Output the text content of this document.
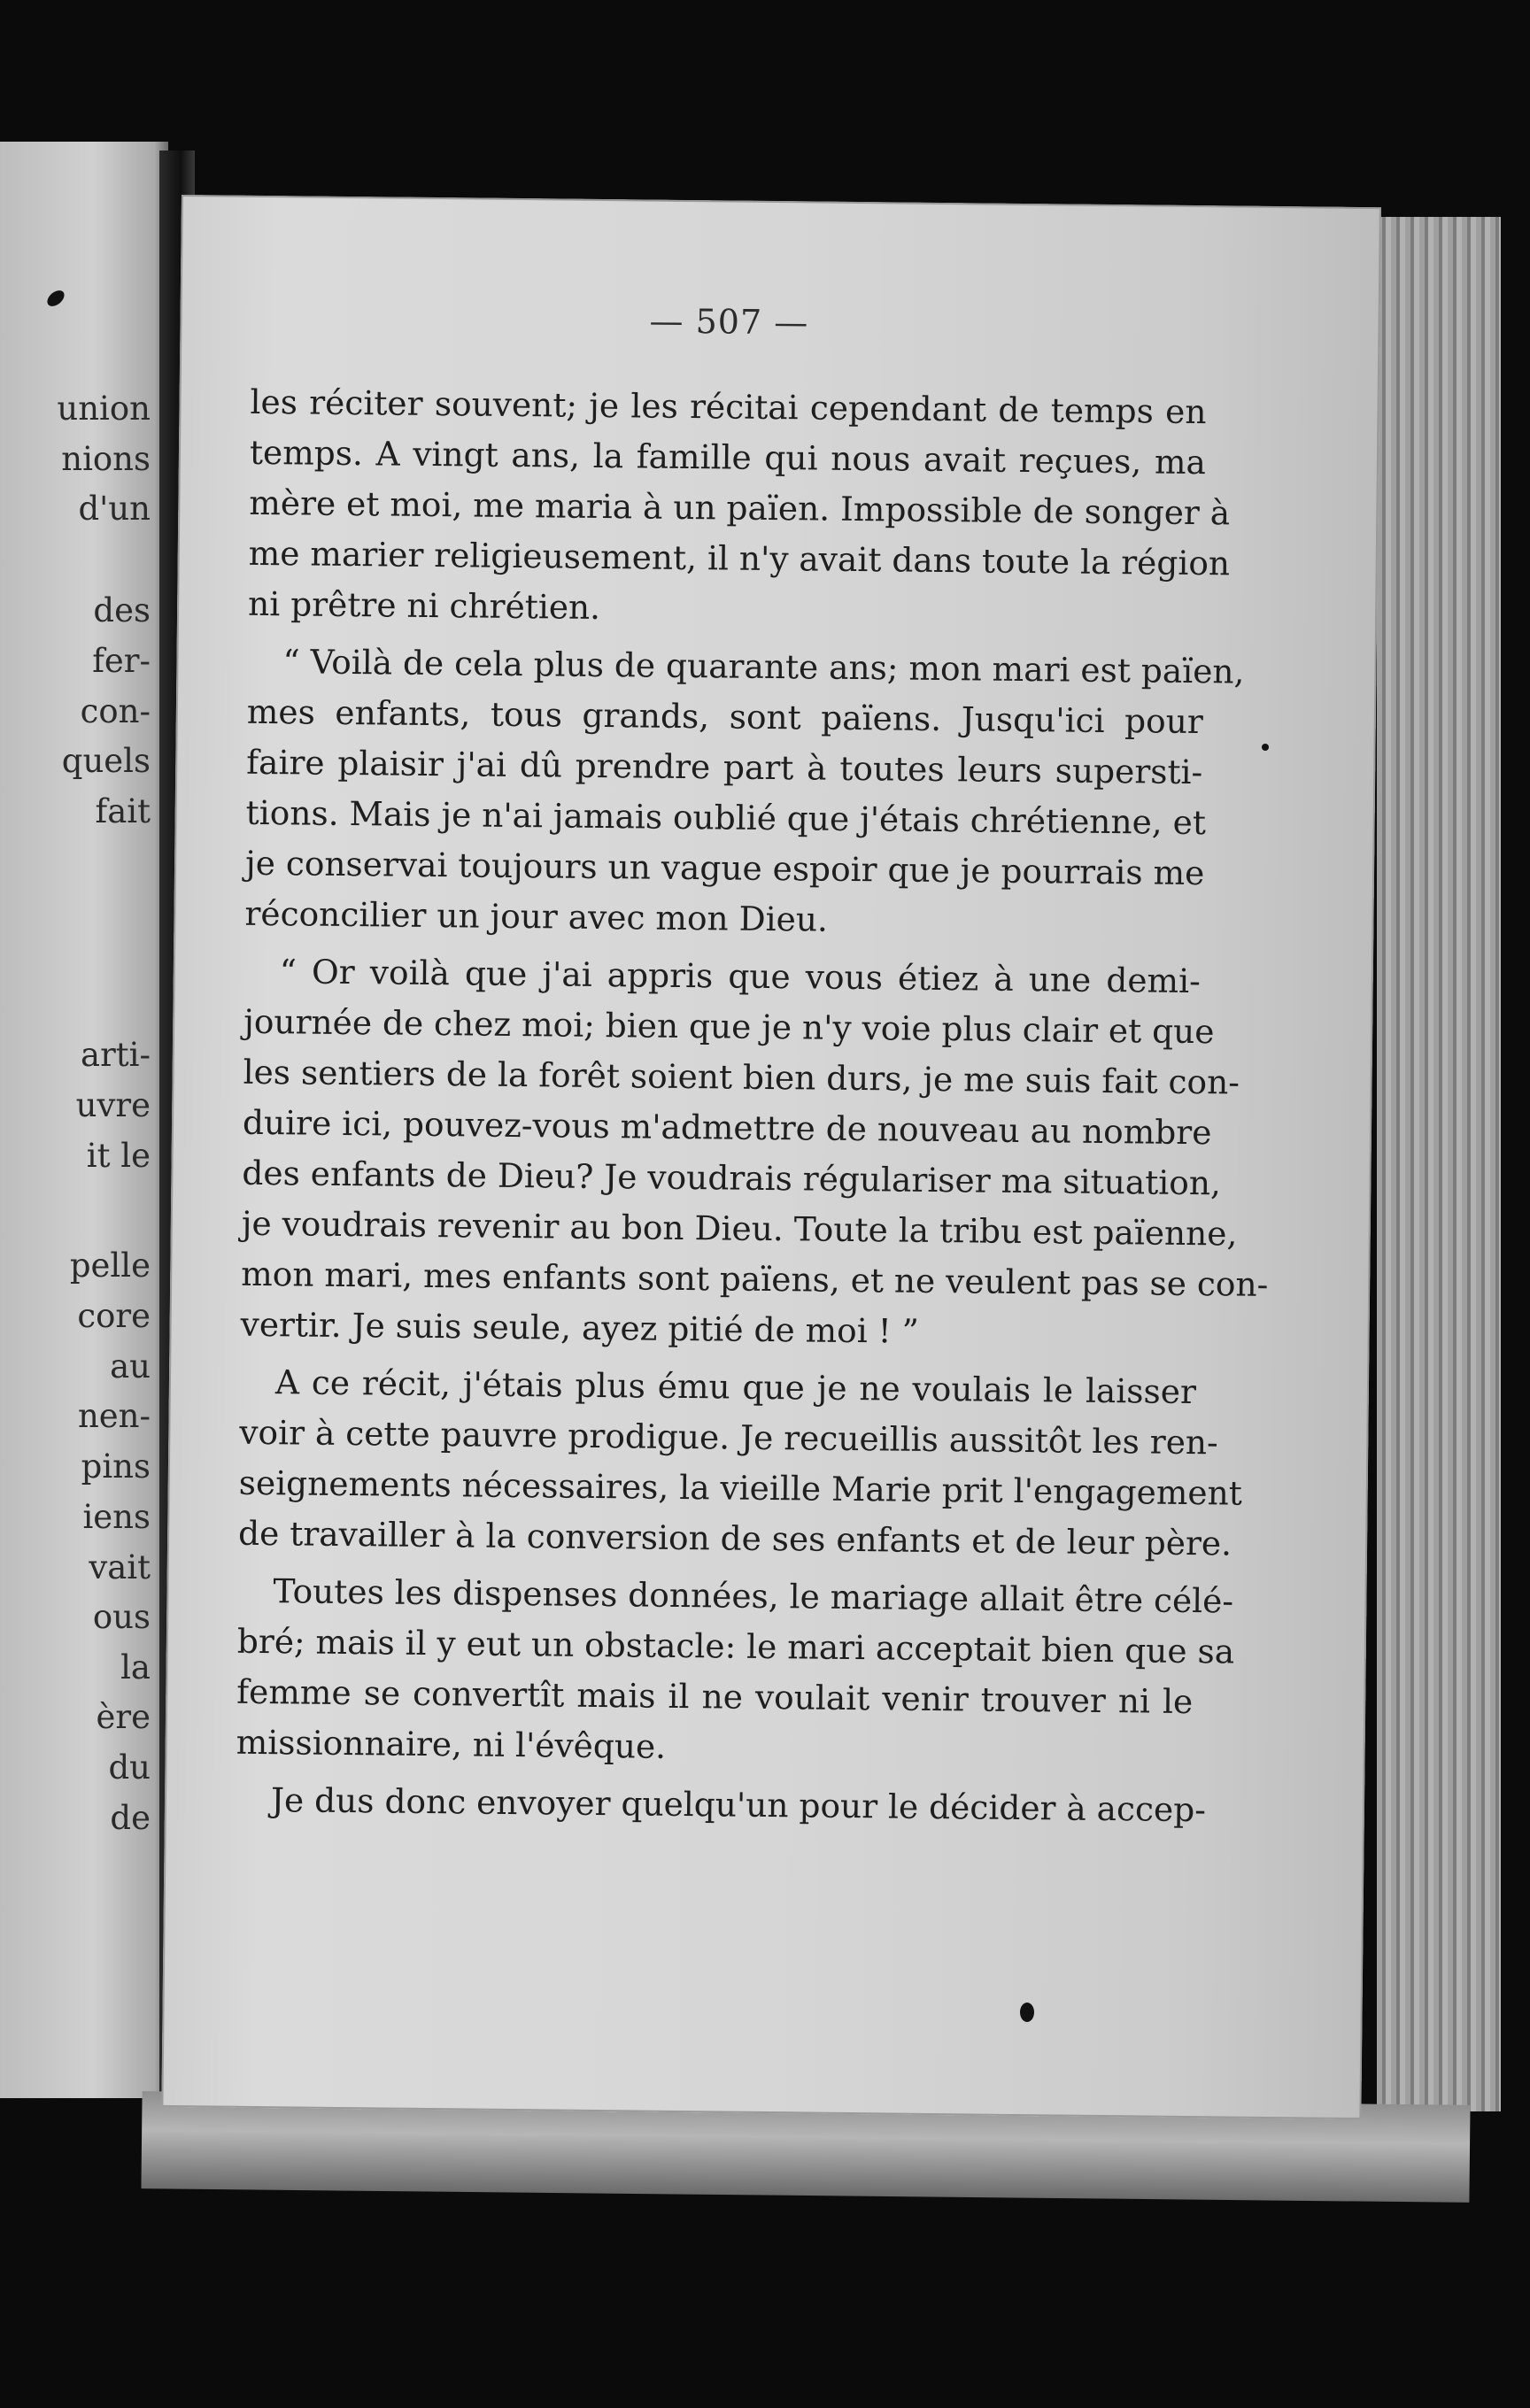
union
nions
d'un
des
fer-
con-
quels
fait
arti-
uvre
it le
pelle
core
au
nen-
pins
iens
vait
ous
la
ère
du
de
— 507 —
les réciter souvent; je les récitai cependant de temps en
temps. A vingt ans, la famille qui nous avait reçues, ma
mère et moi, me maria à un païen. Impossible de songer à
me marier religieusement, il n'y avait dans toute la région
ni prêtre ni chrétien.
“ Voilà de cela plus de quarante ans; mon mari est païen,
mes enfants, tous grands, sont païens. Jusqu'ici pour
faire plaisir j'ai dû prendre part à toutes leurs supersti-
tions. Mais je n'ai jamais oublié que j'étais chrétienne, et
je conservai toujours un vague espoir que je pourrais me
réconcilier un jour avec mon Dieu.
“ Or voilà que j'ai appris que vous étiez à une demi-
journée de chez moi; bien que je n'y voie plus clair et que
les sentiers de la forêt soient bien durs, je me suis fait con-
duire ici, pouvez-vous m'admettre de nouveau au nombre
des enfants de Dieu? Je voudrais régulariser ma situation,
je voudrais revenir au bon Dieu. Toute la tribu est païenne,
mon mari, mes enfants sont païens, et ne veulent pas se con-
vertir. Je suis seule, ayez pitié de moi ! ”
A ce récit, j'étais plus ému que je ne voulais le laisser
voir à cette pauvre prodigue. Je recueillis aussitôt les ren-
seignements nécessaires, la vieille Marie prit l'engagement
de travailler à la conversion de ses enfants et de leur père.
Toutes les dispenses données, le mariage allait être célé-
bré; mais il y eut un obstacle: le mari acceptait bien que sa
femme se convertît mais il ne voulait venir trouver ni le
missionnaire, ni l'évêque.
Je dus donc envoyer quelqu'un pour le décider à accep-
